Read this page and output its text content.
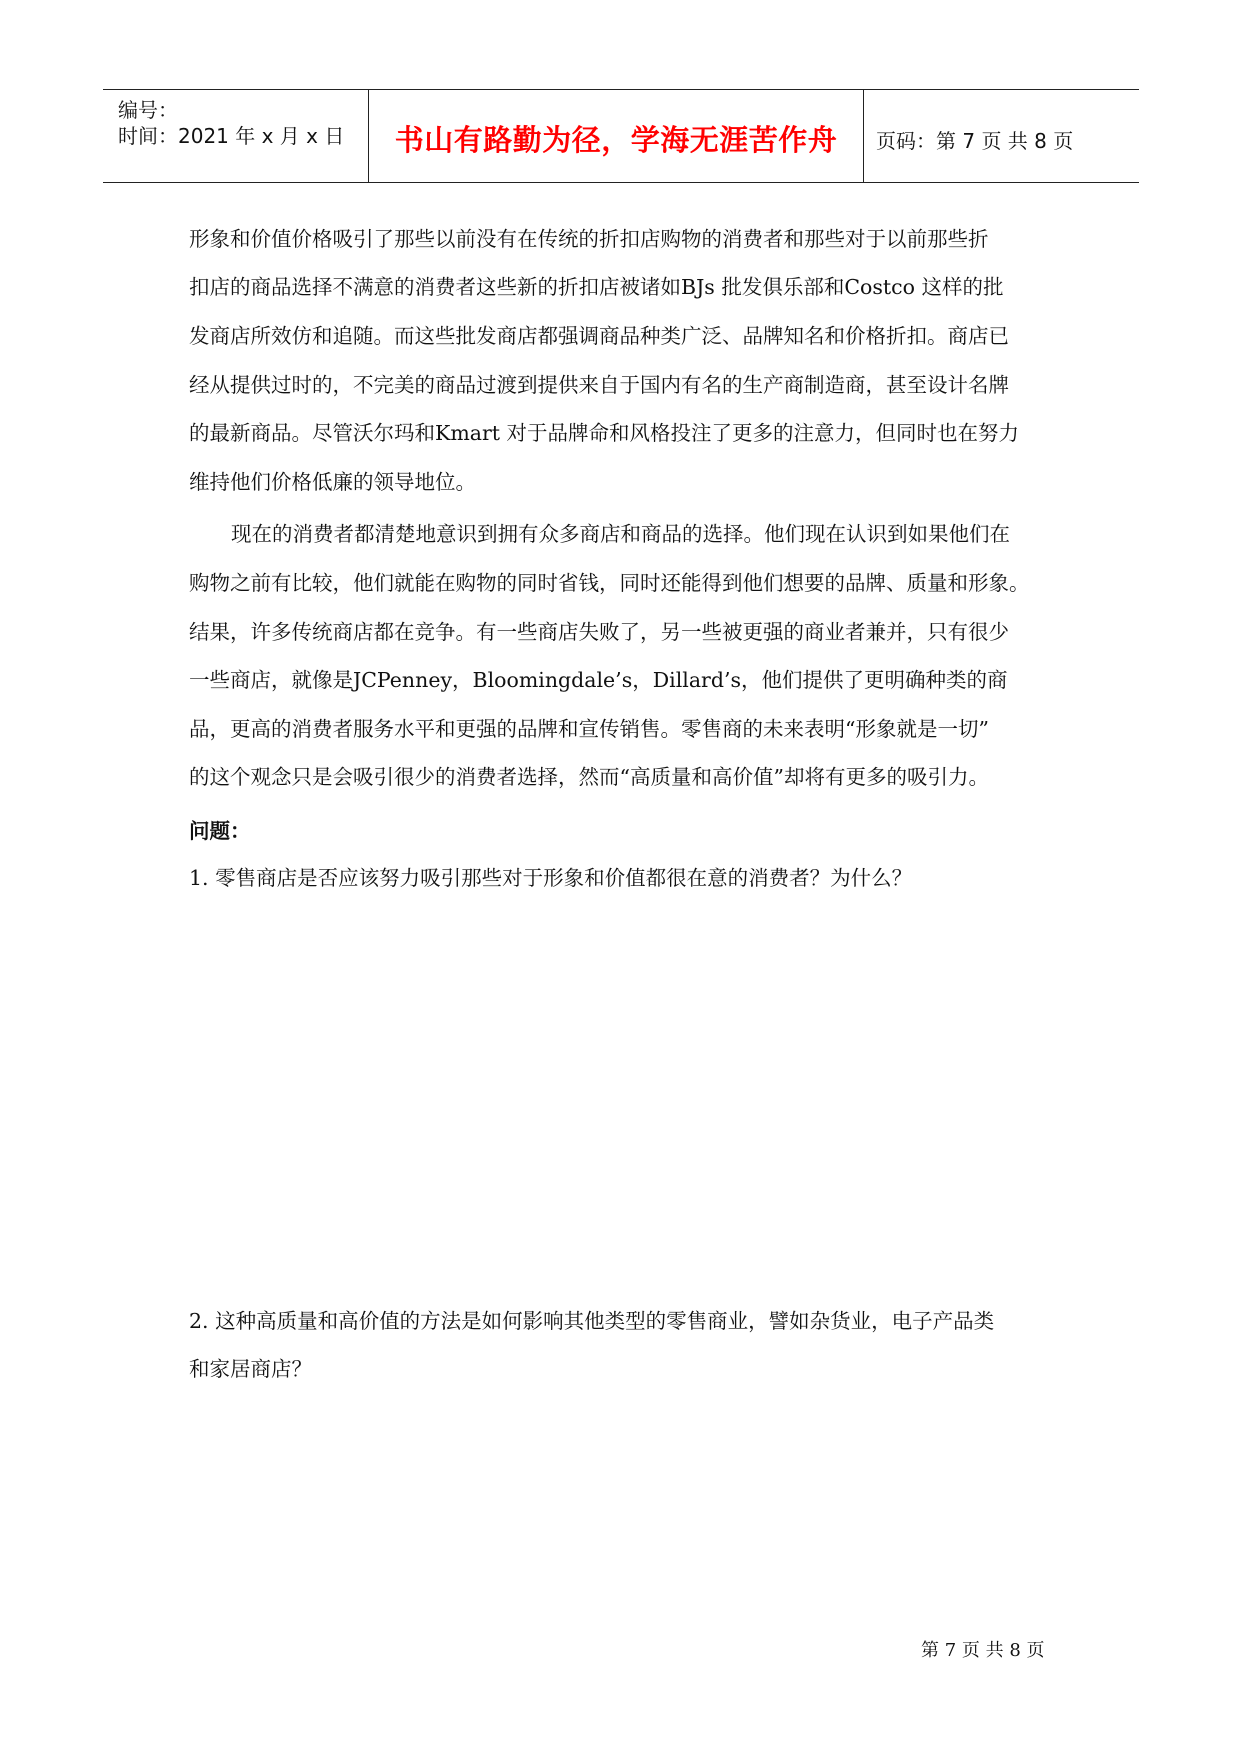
编号：
时间：2021 年 x 月 x 日	书山有路勤为径，学海无涯苦作舟	页码：第 7 页 共 8 页
形象和价值价格吸引了那些以前没有在传统的折扣店购物的消费者和那些对于以前那些折
扣店的商品选择不满意的消费者这些新的折扣店被诸如BJs 批发俱乐部和Costco 这样的批
发商店所效仿和追随。而这些批发商店都强调商品种类广泛、品牌知名和价格折扣。商店已
经从提供过时的，不完美的商品过渡到提供来自于国内有名的生产商制造商，甚至设计名牌
的最新商品。尽管沃尔玛和Kmart 对于品牌命和风格投注了更多的注意力，但同时也在努力
维持他们价格低廉的领导地位。
现在的消费者都清楚地意识到拥有众多商店和商品的选择。他们现在认识到如果他们在
购物之前有比较，他们就能在购物的同时省钱，同时还能得到他们想要的品牌、质量和形象。
结果，许多传统商店都在竞争。有一些商店失败了，另一些被更强的商业者兼并，只有很少
一些商店，就像是JCPenney，Bloomingdale’s，Dillard’s，他们提供了更明确种类的商
品，更高的消费者服务水平和更强的品牌和宣传销售。零售商的未来表明“形象就是一切”
的这个观念只是会吸引很少的消费者选择，然而“高质量和高价值”却将有更多的吸引力。
问题：
1. 零售商店是否应该努力吸引那些对于形象和价值都很在意的消费者？为什么？
2. 这种高质量和高价值的方法是如何影响其他类型的零售商业，譬如杂货业，电子产品类
和家居商店？
第 7 页 共 8 页
